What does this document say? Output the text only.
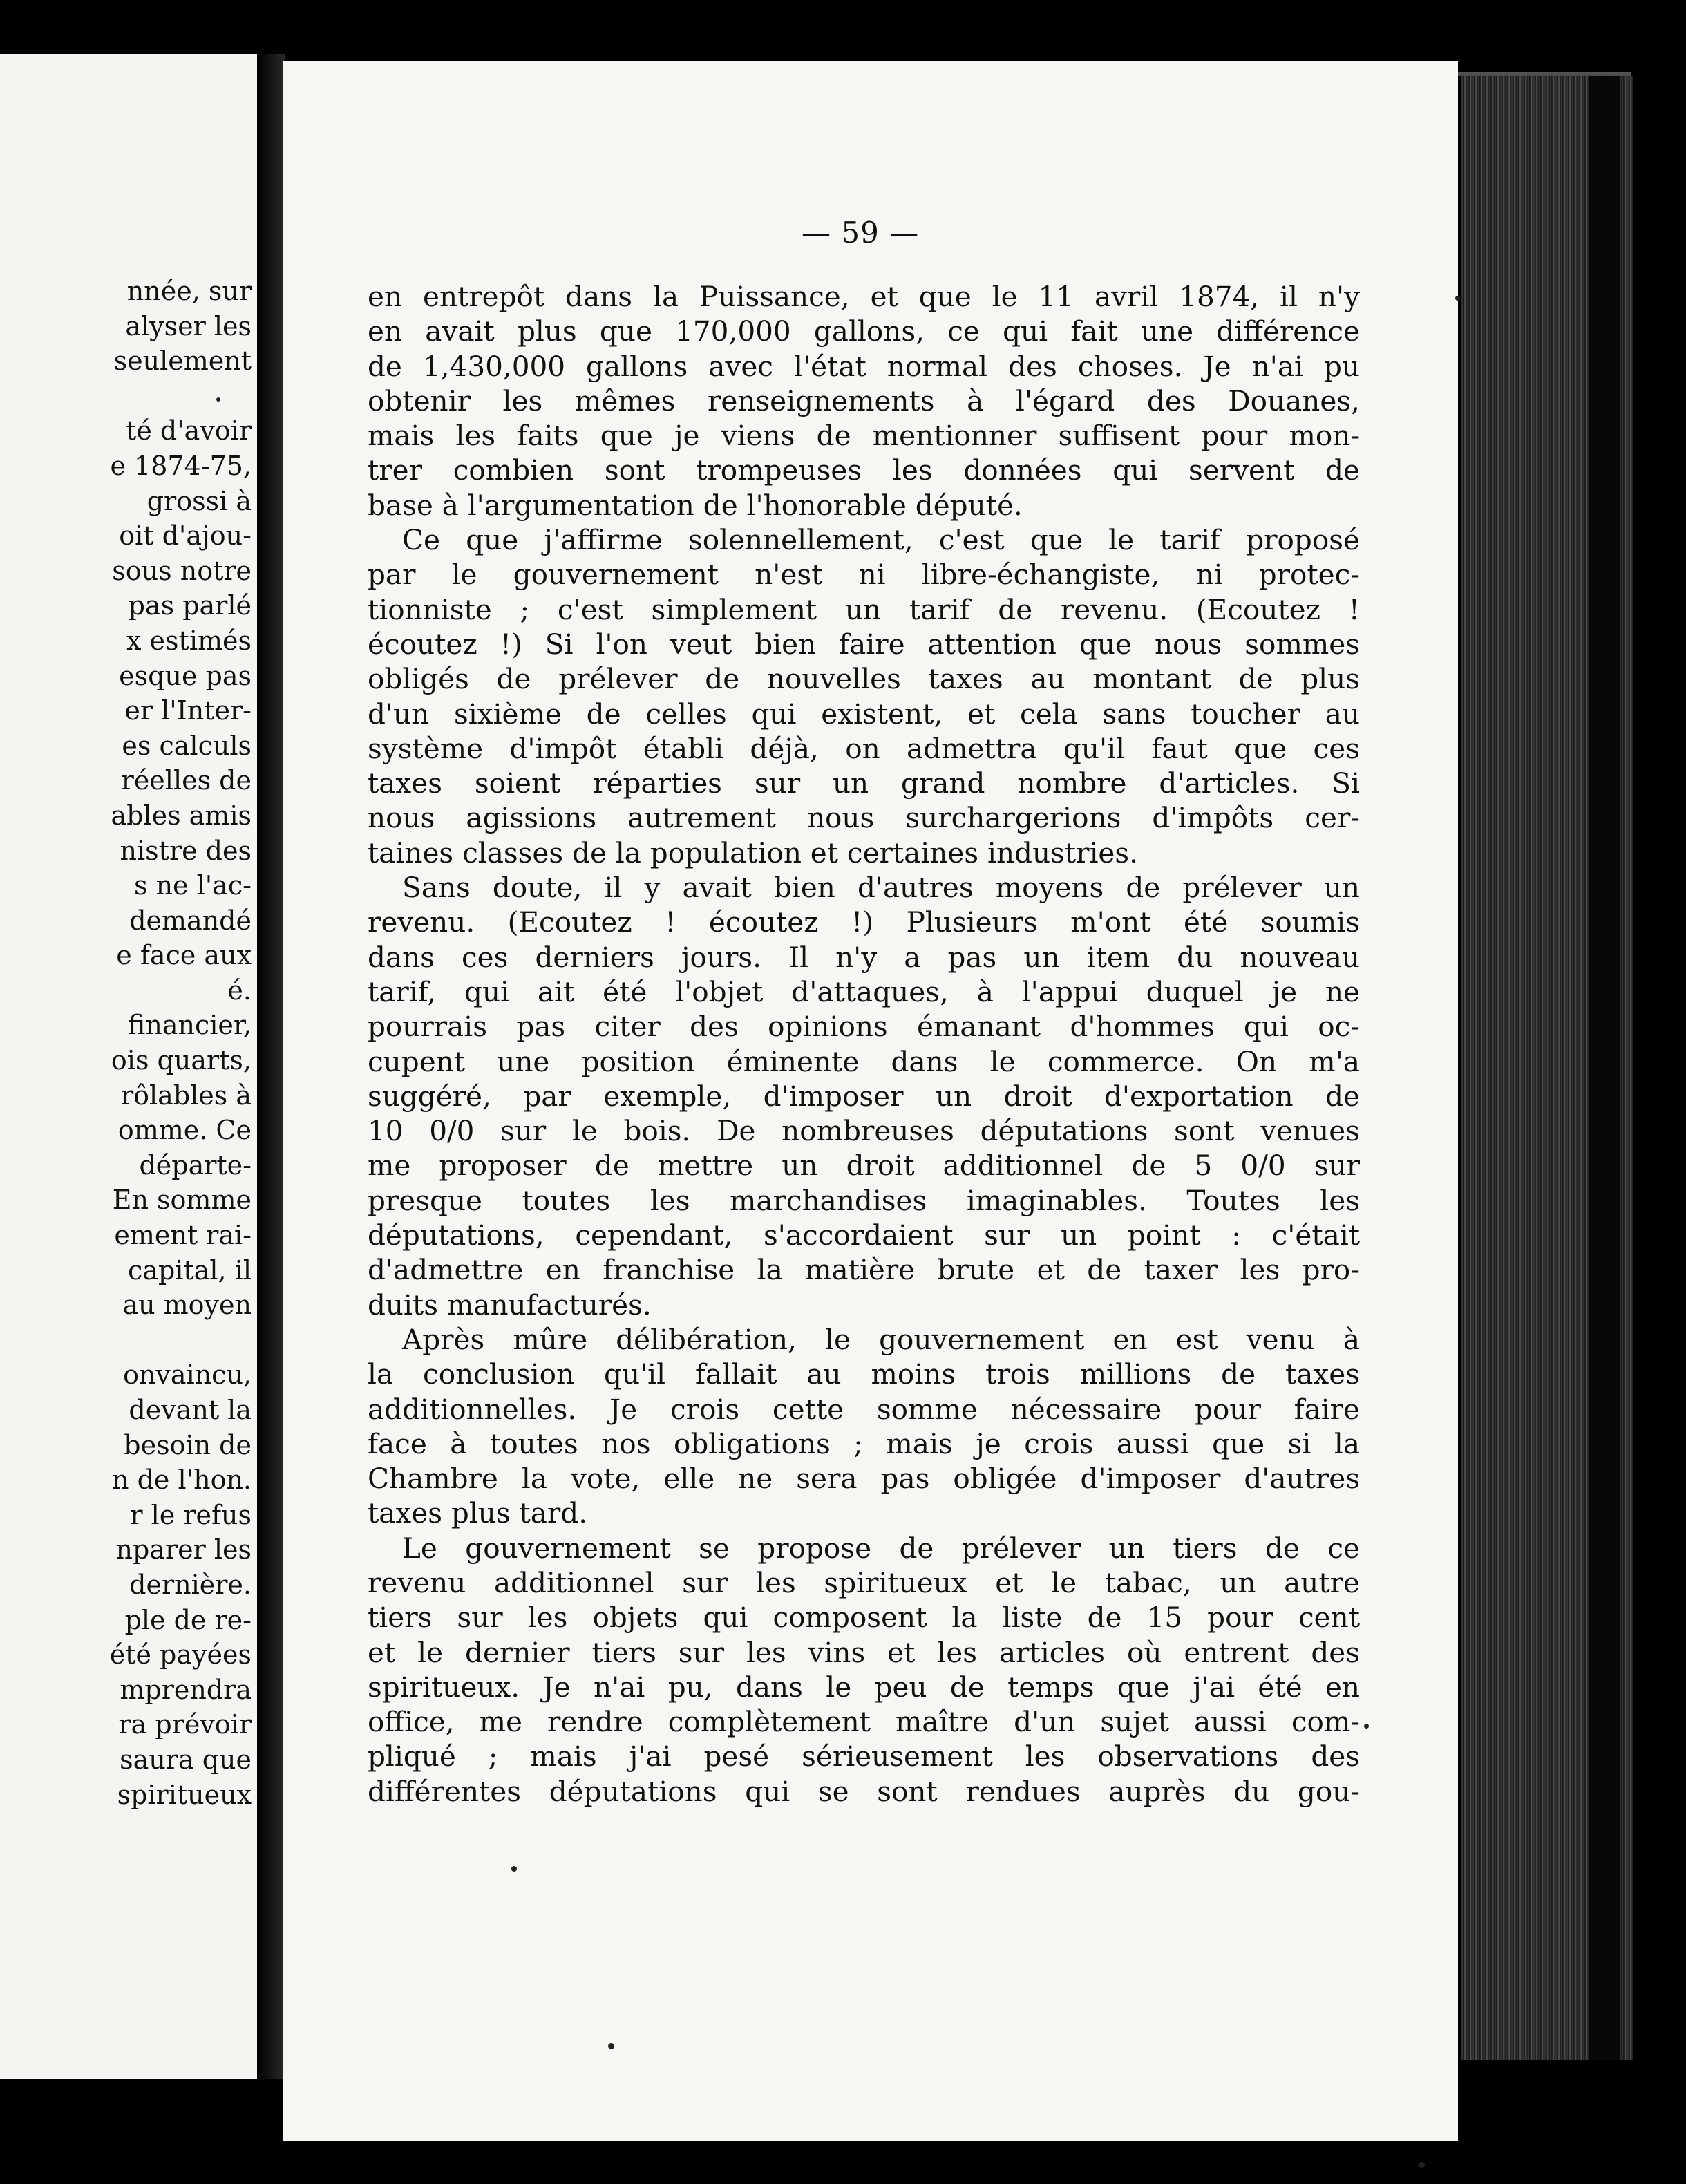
nnée, sur
alyser les
seulement

té d'avoir
e 1874-75,
grossi à
oit d'ajou-
sous notre
pas parlé
x estimés
esque pas
er l'Inter-
es calculs
réelles de
ables amis
nistre des
s ne l'ac-
demandé
e face aux
é.
financier,
ois quarts,
rôlables à
omme. Ce
départe-
En somme
ement rai-
capital, il
au moyen

onvaincu,
devant la
besoin de
n de l'hon.
r le refus
nparer les
dernière.
ple de re-
été payées
mprendra
ra prévoir
saura que
spiritueux
— 59 —
en entrepôt dans la Puissance, et que le 11 avril 1874, il n'y
en avait plus que 170,000 gallons, ce qui fait une différence
de 1,430,000 gallons avec l'état normal des choses. Je n'ai pu
obtenir les mêmes renseignements à l'égard des Douanes,
mais les faits que je viens de mentionner suffisent pour mon-
trer combien sont trompeuses les données qui servent de
base à l'argumentation de l'honorable député.
Ce que j'affirme solennellement, c'est que le tarif proposé
par le gouvernement n'est ni libre-échangiste, ni protec-
tionniste ; c'est simplement un tarif de revenu. (Ecoutez !
écoutez !) Si l'on veut bien faire attention que nous sommes
obligés de prélever de nouvelles taxes au montant de plus
d'un sixième de celles qui existent, et cela sans toucher au
système d'impôt établi déjà, on admettra qu'il faut que ces
taxes soient réparties sur un grand nombre d'articles. Si
nous agissions autrement nous surchargerions d'impôts cer-
taines classes de la population et certaines industries.
Sans doute, il y avait bien d'autres moyens de prélever un
revenu. (Ecoutez ! écoutez !) Plusieurs m'ont été soumis
dans ces derniers jours. Il n'y a pas un item du nouveau
tarif, qui ait été l'objet d'attaques, à l'appui duquel je ne
pourrais pas citer des opinions émanant d'hommes qui oc-
cupent une position éminente dans le commerce. On m'a
suggéré, par exemple, d'imposer un droit d'exportation de
10 0/0 sur le bois. De nombreuses députations sont venues
me proposer de mettre un droit additionnel de 5 0/0 sur
presque toutes les marchandises imaginables. Toutes les
députations, cependant, s'accordaient sur un point : c'était
d'admettre en franchise la matière brute et de taxer les pro-
duits manufacturés.
Après mûre délibération, le gouvernement en est venu à
la conclusion qu'il fallait au moins trois millions de taxes
additionnelles. Je crois cette somme nécessaire pour faire
face à toutes nos obligations ; mais je crois aussi que si la
Chambre la vote, elle ne sera pas obligée d'imposer d'autres
taxes plus tard.
Le gouvernement se propose de prélever un tiers de ce
revenu additionnel sur les spiritueux et le tabac, un autre
tiers sur les objets qui composent la liste de 15 pour cent
et le dernier tiers sur les vins et les articles où entrent des
spiritueux. Je n'ai pu, dans le peu de temps que j'ai été en
office, me rendre complètement maître d'un sujet aussi com-
pliqué ; mais j'ai pesé sérieusement les observations des
différentes députations qui se sont rendues auprès du gou-
